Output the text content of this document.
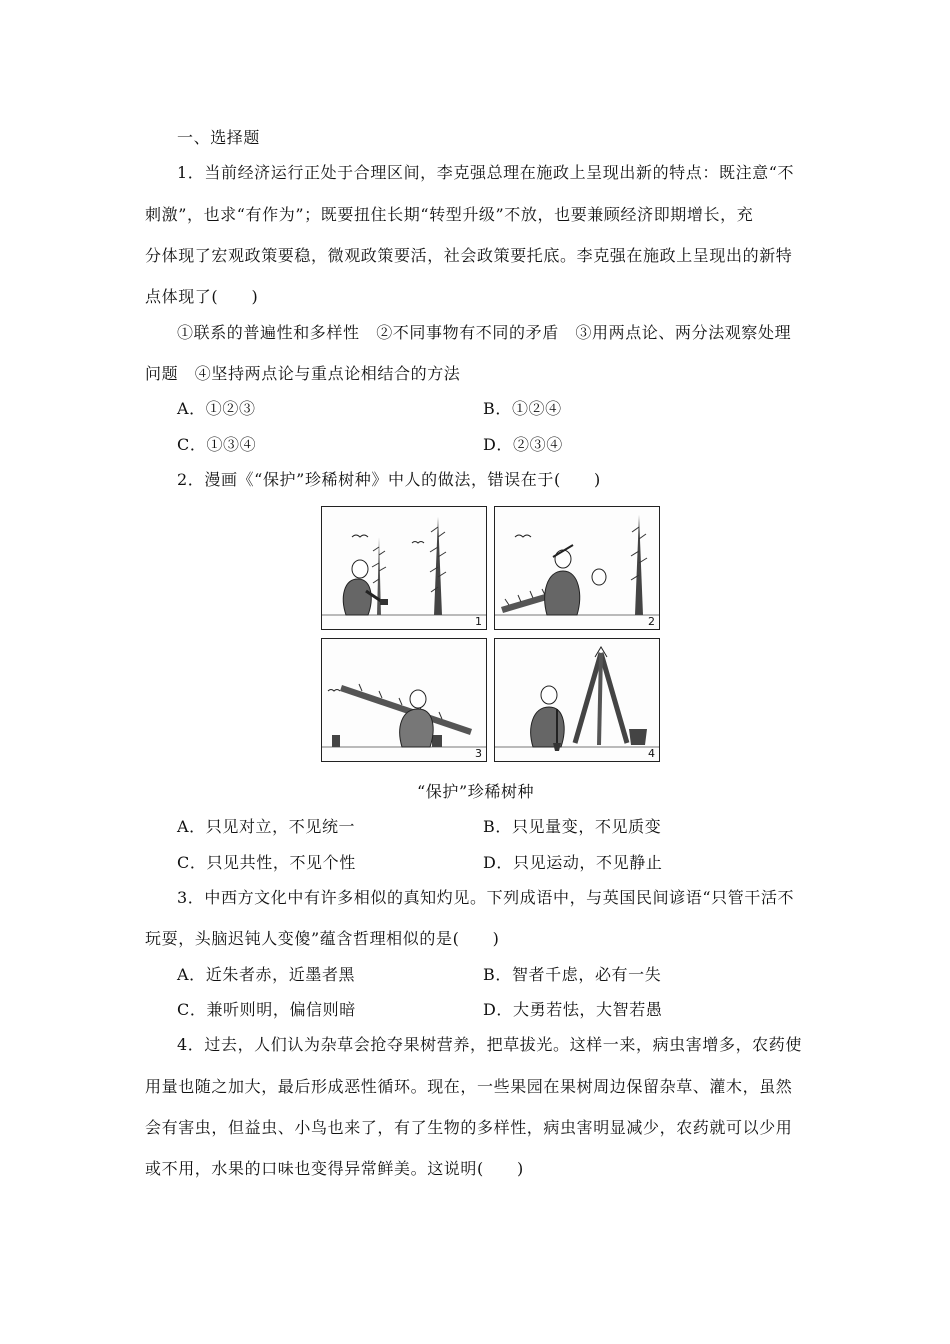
一、选择题
1．当前经济运行正处于合理区间，李克强总理在施政上呈现出新的特点：既注意“不
刺激”，也求“有作为”；既要扭住长期“转型升级”不放，也要兼顾经济即期增长，充
分体现了宏观政策要稳，微观政策要活，社会政策要托底。李克强在施政上呈现出的新特
点体现了(　　)
①联系的普遍性和多样性　②不同事物有不同的矛盾　③用两点论、两分法观察处理
问题　④坚持两点论与重点论相结合的方法
A．①②③	B．①②④
C．①③④	D．②③④
2．漫画《“保护”珍稀树种》中人的做法，错误在于(　　)
1	2
3	4
“保护”珍稀树种
A．只见对立，不见统一	B．只见量变，不见质变
C．只见共性，不见个性	D．只见运动，不见静止
3．中西方文化中有许多相似的真知灼见。下列成语中，与英国民间谚语“只管干活不
玩耍，头脑迟钝人变傻”蕴含哲理相似的是(　　)
A．近朱者赤，近墨者黑	B．智者千虑，必有一失
C．兼听则明，偏信则暗	D．大勇若怯，大智若愚
4．过去，人们认为杂草会抢夺果树营养，把草拔光。这样一来，病虫害增多，农药使
用量也随之加大，最后形成恶性循环。现在，一些果园在果树周边保留杂草、灌木，虽然
会有害虫，但益虫、小鸟也来了，有了生物的多样性，病虫害明显减少，农药就可以少用
或不用，水果的口味也变得异常鲜美。这说明(　　)
